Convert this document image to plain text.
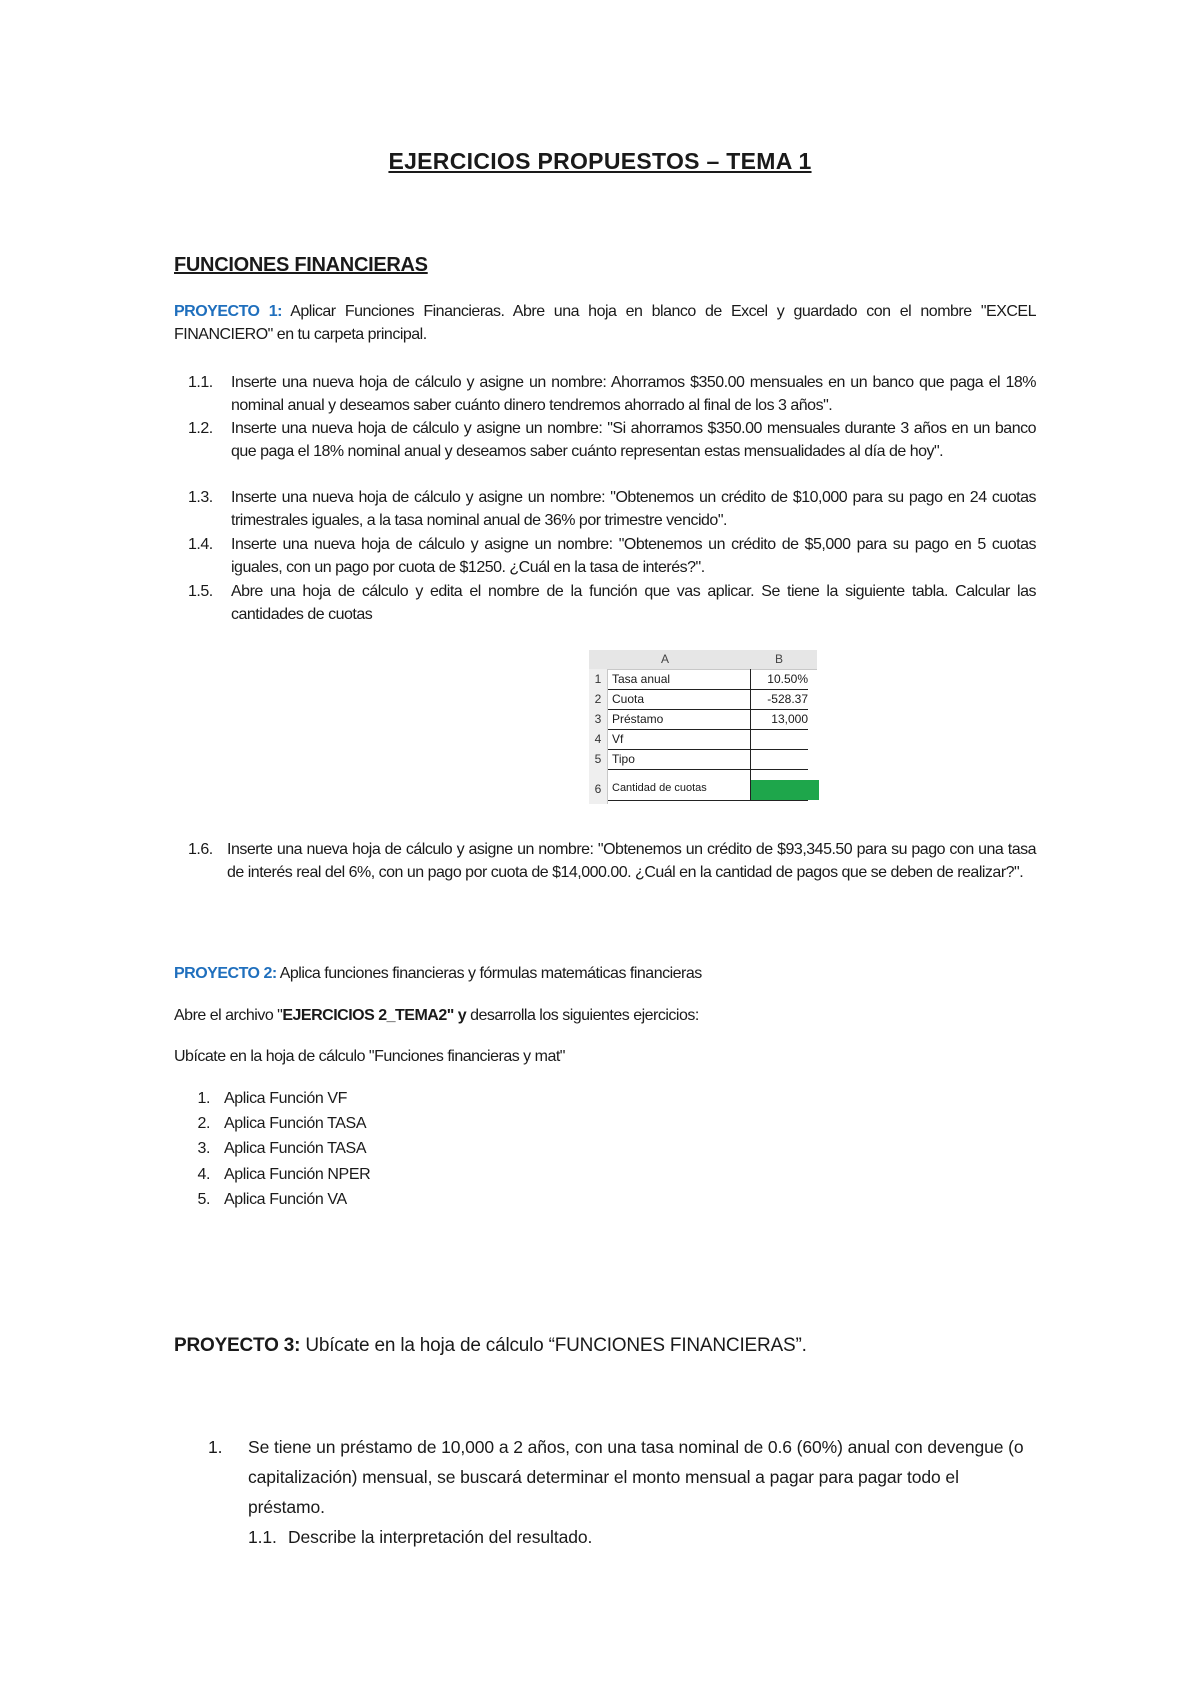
EJERCICIOS PROPUESTOS – TEMA 1
FUNCIONES FINANCIERAS
PROYECTO 1: Aplicar Funciones Financieras. Abre una hoja en blanco de Excel y guardado con el nombre "EXCEL FINANCIERO" en tu carpeta principal.
1.1. Inserte una nueva hoja de cálculo y asigne un nombre: Ahorramos $350.00 mensuales en un banco que paga el 18% nominal anual y deseamos saber cuánto dinero tendremos ahorrado al final de los 3 años".
1.2. Inserte una nueva hoja de cálculo y asigne un nombre: "Si ahorramos $350.00 mensuales durante 3 años en un banco que paga el 18% nominal anual y deseamos saber cuánto representan estas mensualidades al día de hoy".
1.3. Inserte una nueva hoja de cálculo y asigne un nombre: "Obtenemos un crédito de $10,000 para su pago en 24 cuotas trimestrales iguales, a la tasa nominal anual de 36% por trimestre vencido".
1.4. Inserte una nueva hoja de cálculo y asigne un nombre: "Obtenemos un crédito de $5,000 para su pago en 5 cuotas iguales, con un pago por cuota de $1250. ¿Cuál en la tasa de interés?".
1.5. Abre una hoja de cálculo y edita el nombre de la función que vas aplicar. Se tiene la siguiente tabla. Calcular las cantidades de cuotas
A	B
1 Tasa anual	10.50%
2 Cuota	-528.37
3 Préstamo	13,000
4 Vf
5 Tipo
6 Cantidad de cuotas
1.6. Inserte una nueva hoja de cálculo y asigne un nombre: "Obtenemos un crédito de $93,345.50 para su pago con una tasa de interés real del 6%, con un pago por cuota de $14,000.00. ¿Cuál en la cantidad de pagos que se deben de realizar?".
PROYECTO 2: Aplica funciones financieras y fórmulas matemáticas financieras
Abre el archivo "EJERCICIOS 2_TEMA2" y desarrolla los siguientes ejercicios:
Ubícate en la hoja de cálculo "Funciones financieras y mat"
1. Aplica Función VF
2. Aplica Función TASA
3. Aplica Función TASA
4. Aplica Función NPER
5. Aplica Función VA
PROYECTO 3: Ubícate en la hoja de cálculo “FUNCIONES FINANCIERAS”.
1. Se tiene un préstamo de 10,000 a 2 años, con una tasa nominal de 0.6 (60%) anual con devengue (o capitalización) mensual, se buscará determinar el monto mensual a pagar para pagar todo el préstamo.
1.1. Describe la interpretación del resultado.
